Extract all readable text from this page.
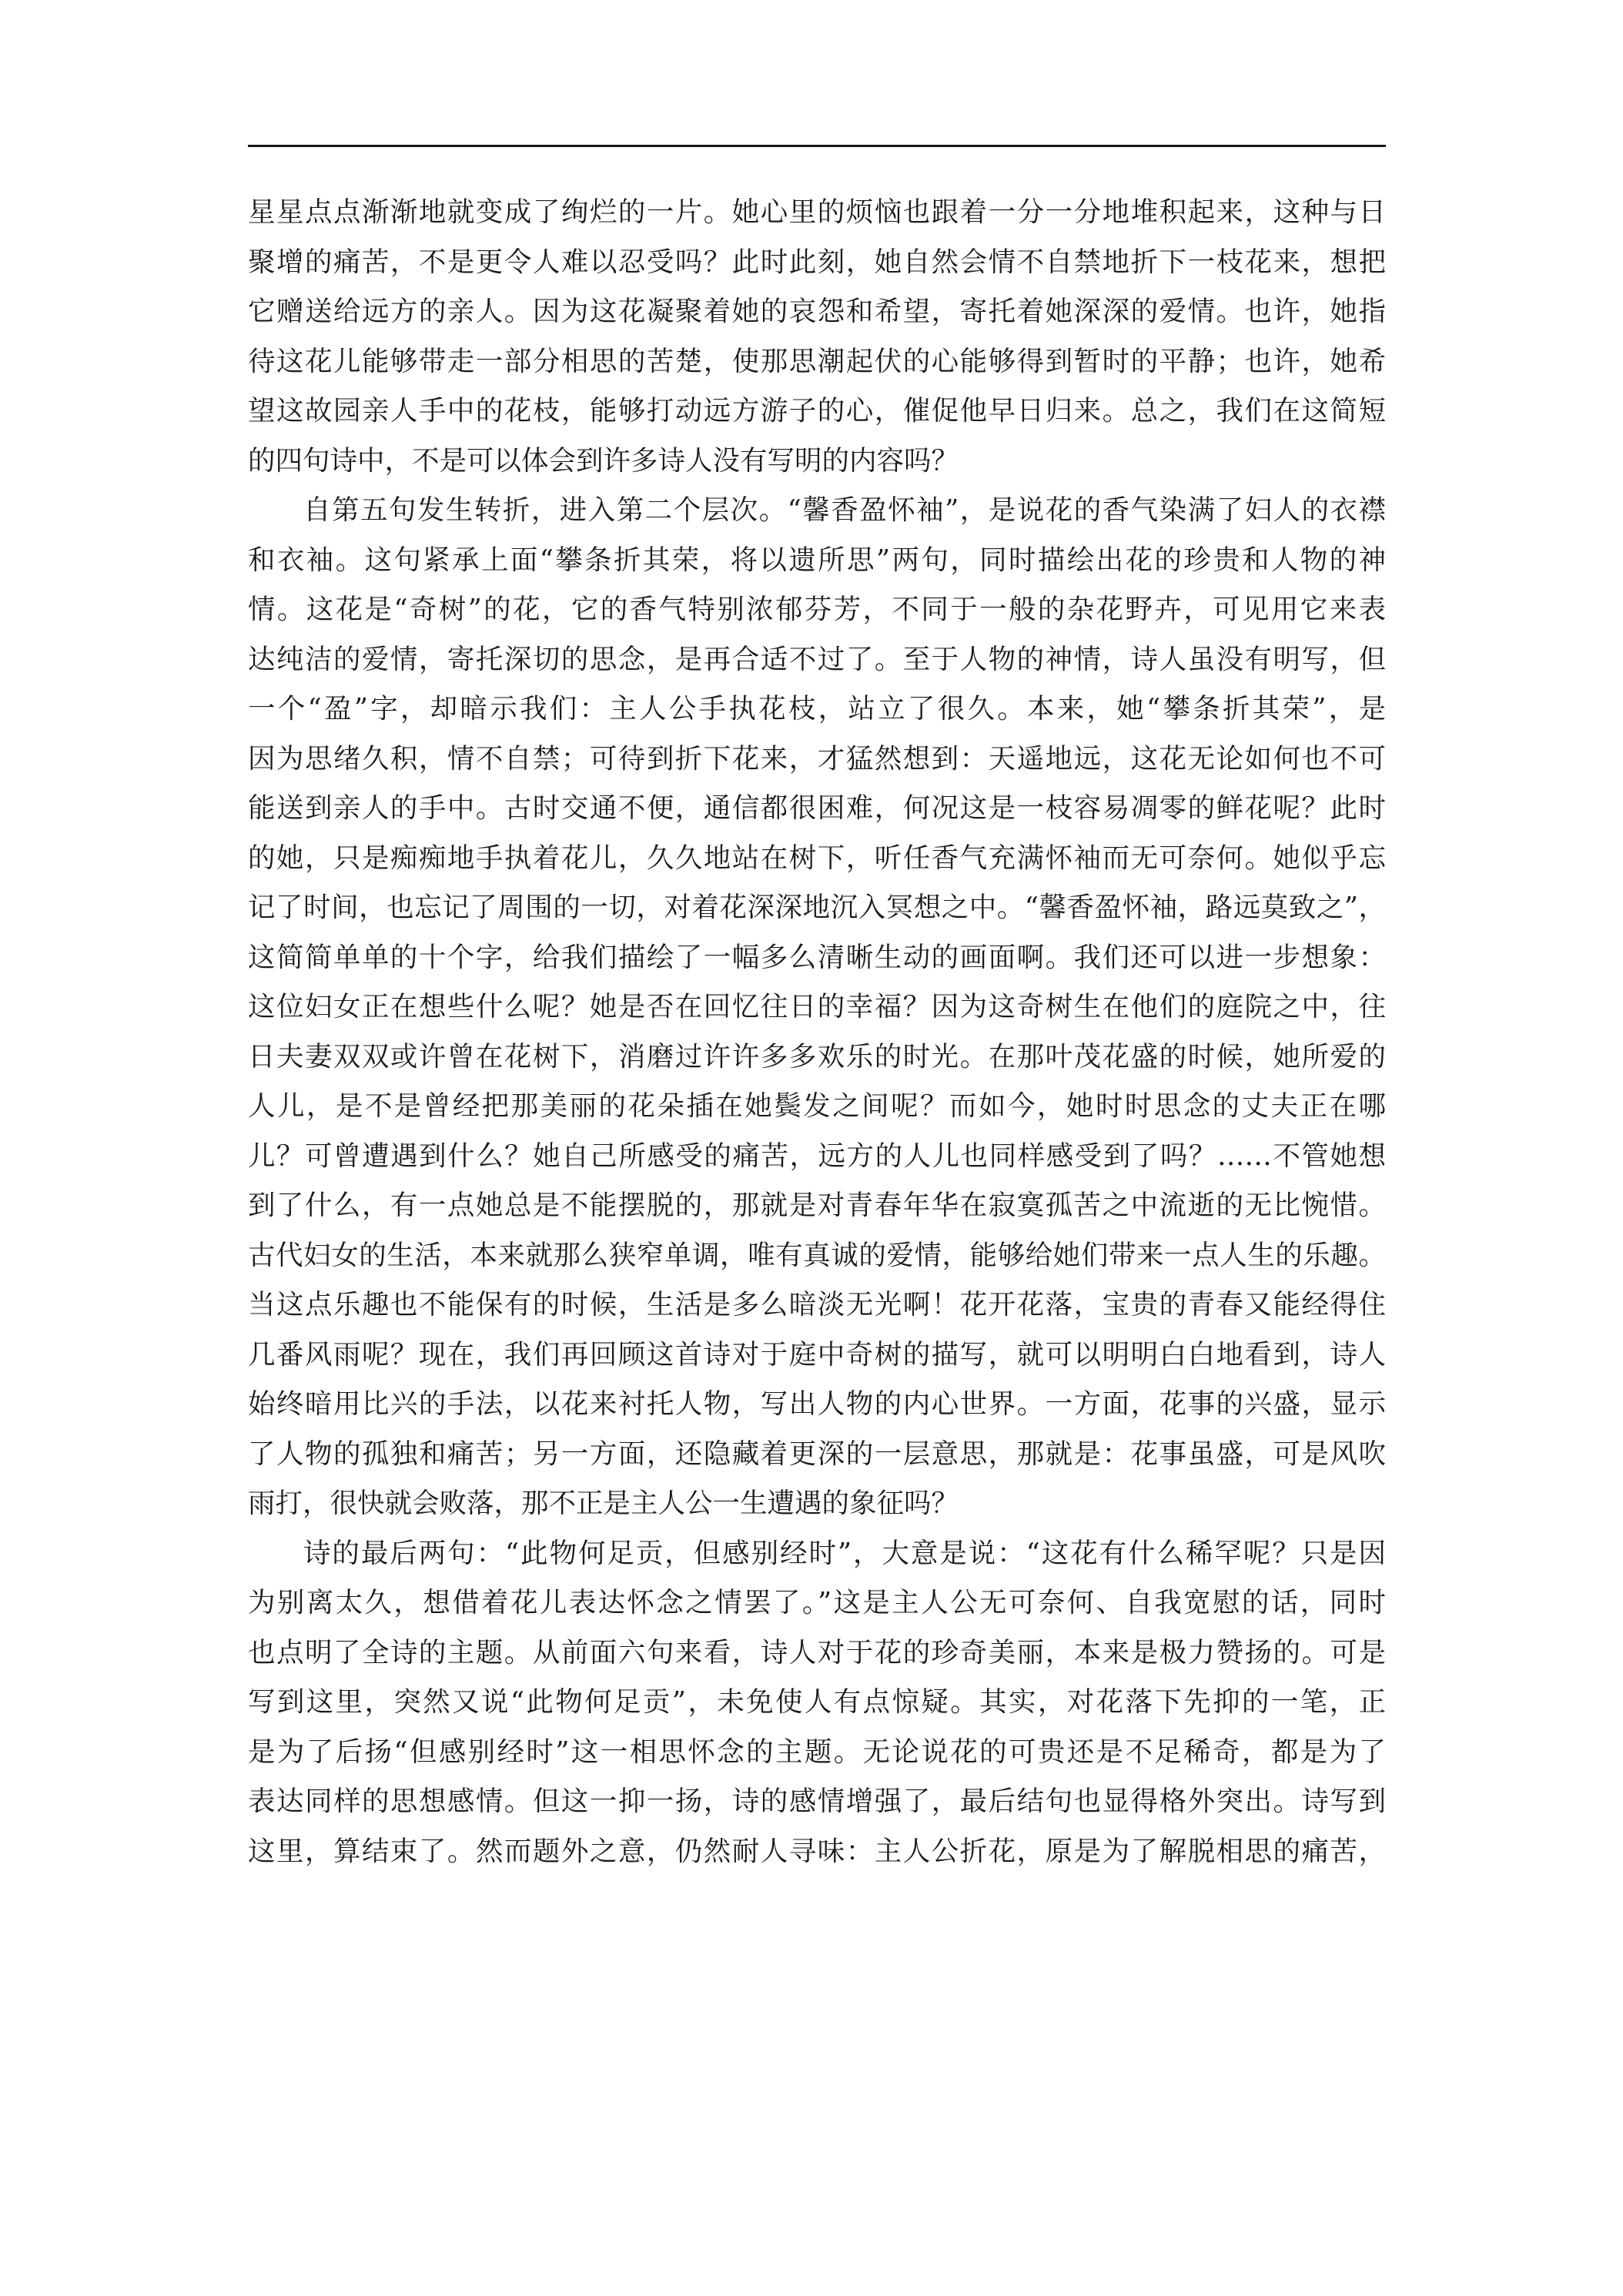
星星点点渐渐地就变成了绚烂的一片。她心里的烦恼也跟着一分一分地堆积起来，这种与日
聚增的痛苦，不是更令人难以忍受吗？此时此刻，她自然会情不自禁地折下一枝花来，想把
它赠送给远方的亲人。因为这花凝聚着她的哀怨和希望，寄托着她深深的爱情。也许，她指
待这花儿能够带走一部分相思的苦楚，使那思潮起伏的心能够得到暂时的平静；也许，她希
望这故园亲人手中的花枝，能够打动远方游子的心，催促他早日归来。总之，我们在这简短
的四句诗中，不是可以体会到许多诗人没有写明的内容吗？
自第五句发生转折，进入第二个层次。“馨香盈怀袖”，是说花的香气染满了妇人的衣襟
和衣袖。这句紧承上面“攀条折其荣，将以遗所思”两句，同时描绘出花的珍贵和人物的神
情。这花是“奇树”的花，它的香气特别浓郁芬芳，不同于一般的杂花野卉，可见用它来表
达纯洁的爱情，寄托深切的思念，是再合适不过了。至于人物的神情，诗人虽没有明写，但
一个“盈”字，却暗示我们：主人公手执花枝，站立了很久。本来，她“攀条折其荣”，是
因为思绪久积，情不自禁；可待到折下花来，才猛然想到：天遥地远，这花无论如何也不可
能送到亲人的手中。古时交通不便，通信都很困难，何况这是一枝容易凋零的鲜花呢？此时
的她，只是痴痴地手执着花儿，久久地站在树下，听任香气充满怀袖而无可奈何。她似乎忘
记了时间，也忘记了周围的一切，对着花深深地沉入冥想之中。“馨香盈怀袖，路远莫致之”，
这简简单单的十个字，给我们描绘了一幅多么清晰生动的画面啊。我们还可以进一步想象：
这位妇女正在想些什么呢？她是否在回忆往日的幸福？因为这奇树生在他们的庭院之中，往
日夫妻双双或许曾在花树下，消磨过许许多多欢乐的时光。在那叶茂花盛的时候，她所爱的
人儿，是不是曾经把那美丽的花朵插在她鬓发之间呢？而如今，她时时思念的丈夫正在哪
儿？可曾遭遇到什么？她自己所感受的痛苦，远方的人儿也同样感受到了吗？……不管她想
到了什么，有一点她总是不能摆脱的，那就是对青春年华在寂寞孤苦之中流逝的无比惋惜。
古代妇女的生活，本来就那么狭窄单调，唯有真诚的爱情，能够给她们带来一点人生的乐趣。
当这点乐趣也不能保有的时候，生活是多么暗淡无光啊！花开花落，宝贵的青春又能经得住
几番风雨呢？现在，我们再回顾这首诗对于庭中奇树的描写，就可以明明白白地看到，诗人
始终暗用比兴的手法，以花来衬托人物，写出人物的内心世界。一方面，花事的兴盛，显示
了人物的孤独和痛苦；另一方面，还隐藏着更深的一层意思，那就是：花事虽盛，可是风吹
雨打，很快就会败落，那不正是主人公一生遭遇的象征吗？
诗的最后两句：“此物何足贡，但感别经时”，大意是说：“这花有什么稀罕呢？只是因
为别离太久，想借着花儿表达怀念之情罢了。”这是主人公无可奈何、自我宽慰的话，同时
也点明了全诗的主题。从前面六句来看，诗人对于花的珍奇美丽，本来是极力赞扬的。可是
写到这里，突然又说“此物何足贡”，未免使人有点惊疑。其实，对花落下先抑的一笔，正
是为了后扬“但感别经时”这一相思怀念的主题。无论说花的可贵还是不足稀奇，都是为了
表达同样的思想感情。但这一抑一扬，诗的感情增强了，最后结句也显得格外突出。诗写到
这里，算结束了。然而题外之意，仍然耐人寻味：主人公折花，原是为了解脱相思的痛苦，
